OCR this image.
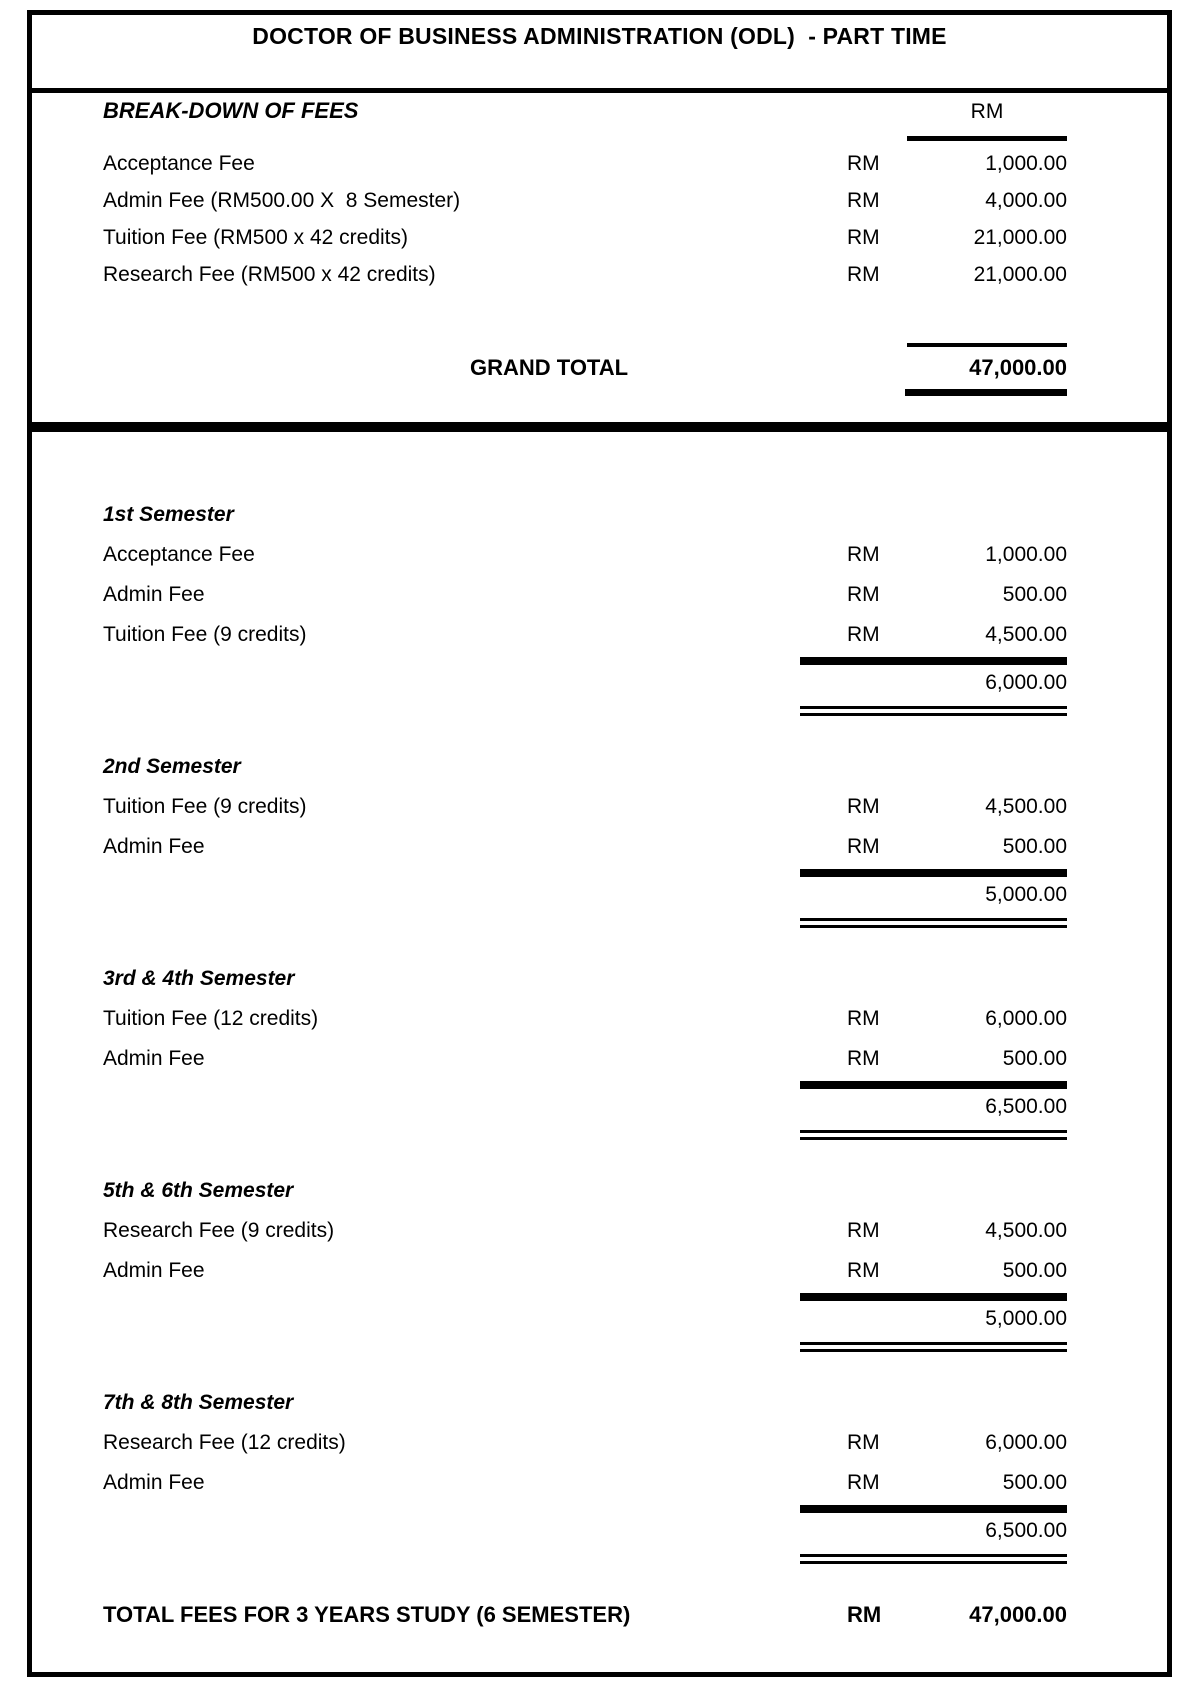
DOCTOR OF BUSINESS ADMINISTRATION (ODL)  - PART TIME
BREAK-DOWN OF FEES	RM
Acceptance Fee	RM	1,000.00
Admin Fee (RM500.00 X  8 Semester)	RM	4,000.00
Tuition Fee (RM500 x 42 credits)	RM	21,000.00
Research Fee (RM500 x 42 credits)	RM	21,000.00
GRAND TOTAL	47,000.00
1st Semester
Acceptance Fee	RM	1,000.00
Admin Fee	RM	500.00
Tuition Fee (9 credits)	RM	4,500.00
6,000.00
2nd Semester
Tuition Fee (9 credits)	RM	4,500.00
Admin Fee	RM	500.00
5,000.00
3rd & 4th Semester
Tuition Fee (12 credits)	RM	6,000.00
Admin Fee	RM	500.00
6,500.00
5th & 6th Semester
Research Fee (9 credits)	RM	4,500.00
Admin Fee	RM	500.00
5,000.00
7th & 8th Semester
Research Fee (12 credits)	RM	6,000.00
Admin Fee	RM	500.00
6,500.00
TOTAL FEES FOR 3 YEARS STUDY (6 SEMESTER)	RM	47,000.00
